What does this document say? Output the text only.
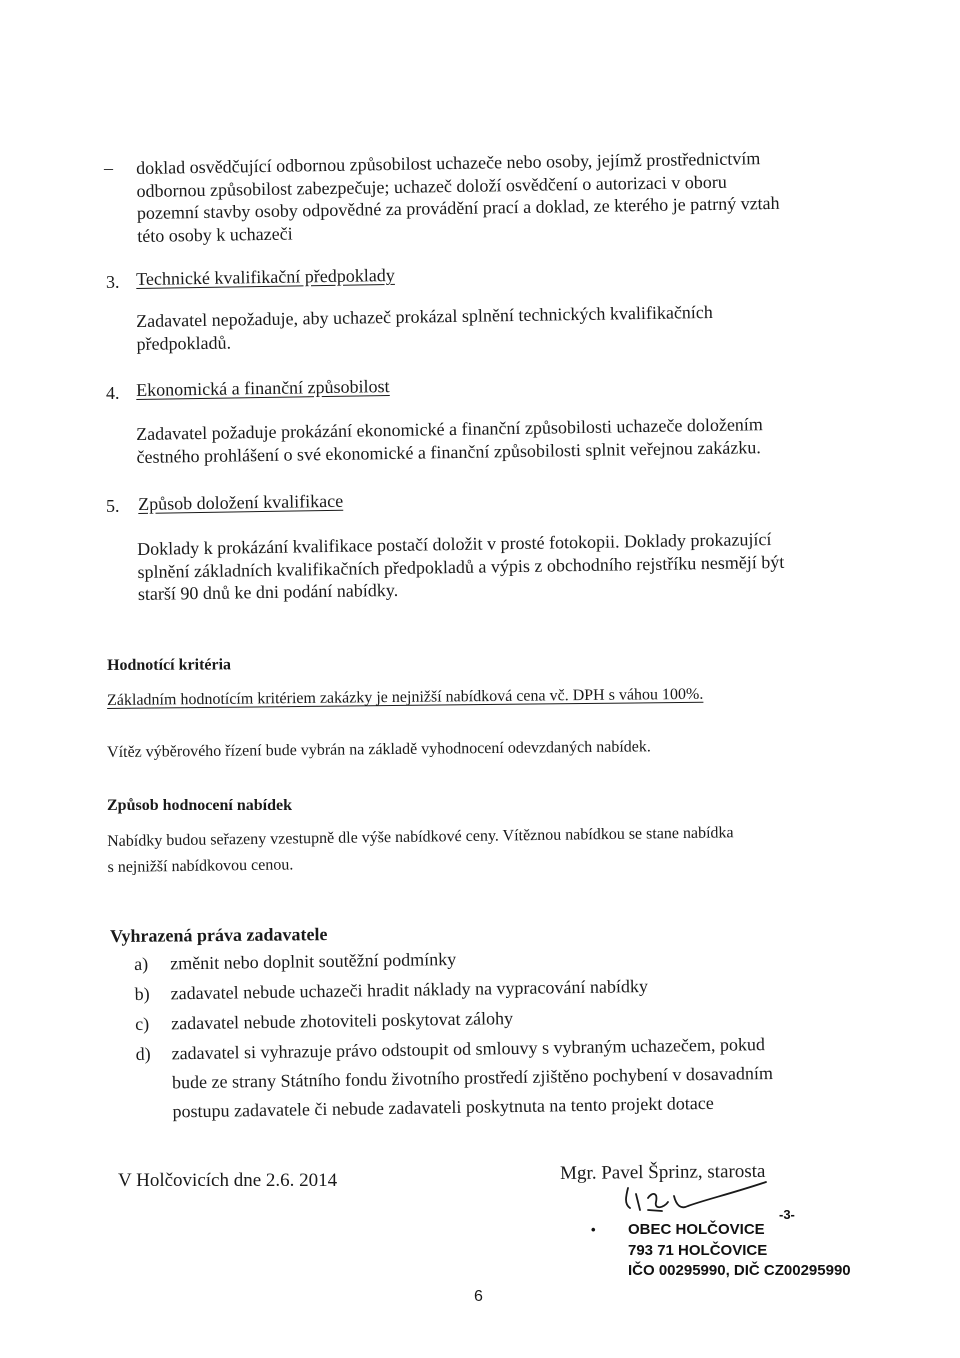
– doklad osvědčující odbornou způsobilost uchazeče nebo osoby, jejímž prostřednictvím
odbornou způsobilost zabezpečuje; uchazeč doloží osvědčení o autorizaci v oboru
pozemní stavby osoby odpovědné za provádění prací a doklad, ze kterého je patrný vztah
této osoby k uchazeči
3. Technické kvalifikační předpoklady
Zadavatel nepožaduje, aby uchazeč prokázal splnění technických kvalifikačních
předpokladů.
4. Ekonomická a finanční způsobilost
Zadavatel požaduje prokázání ekonomické a finanční způsobilosti uchazeče doložením
čestného prohlášení o své ekonomické a finanční způsobilosti splnit veřejnou zakázku.
5. Způsob doložení kvalifikace
Doklady k prokázání kvalifikace postačí doložit v prosté fotokopii. Doklady prokazující
splnění základních kvalifikačních předpokladů a výpis z obchodního rejstříku nesmějí být
starší 90 dnů ke dni podání nabídky.
Hodnotící kritéria
Základním hodnotícím kritériem zakázky je nejnižší nabídková cena vč. DPH s váhou 100%.
Vítěz výběrového řízení bude vybrán na základě vyhodnocení odevzdaných nabídek.
Způsob hodnocení nabídek
Nabídky budou seřazeny vzestupně dle výše nabídkové ceny. Vítěznou nabídkou se stane nabídka
s nejnižší nabídkovou cenou.
Vyhrazená práva zadavatele
a)	změnit nebo doplnit soutěžní podmínky
b)	zadavatel nebude uchazeči hradit náklady na vypracování nabídky
c)	zadavatel nebude zhotoviteli poskytovat zálohy
d)	zadavatel si vyhrazuje právo odstoupit od smlouvy s vybraným uchazečem, pokud
bude ze strany Státního fondu životního prostředí zjištěno pochybení v dosavadním
postupu zadavatele či nebude zadavateli poskytnuta na tento projekt dotace
V Holčovicích dne 2.6. 2014	Mgr. Pavel Šprinz, starosta
• OBEC HOLČOVICE
-3-
793 71 HOLČOVICE
IČO 00295990, DIČ CZ00295990
6
